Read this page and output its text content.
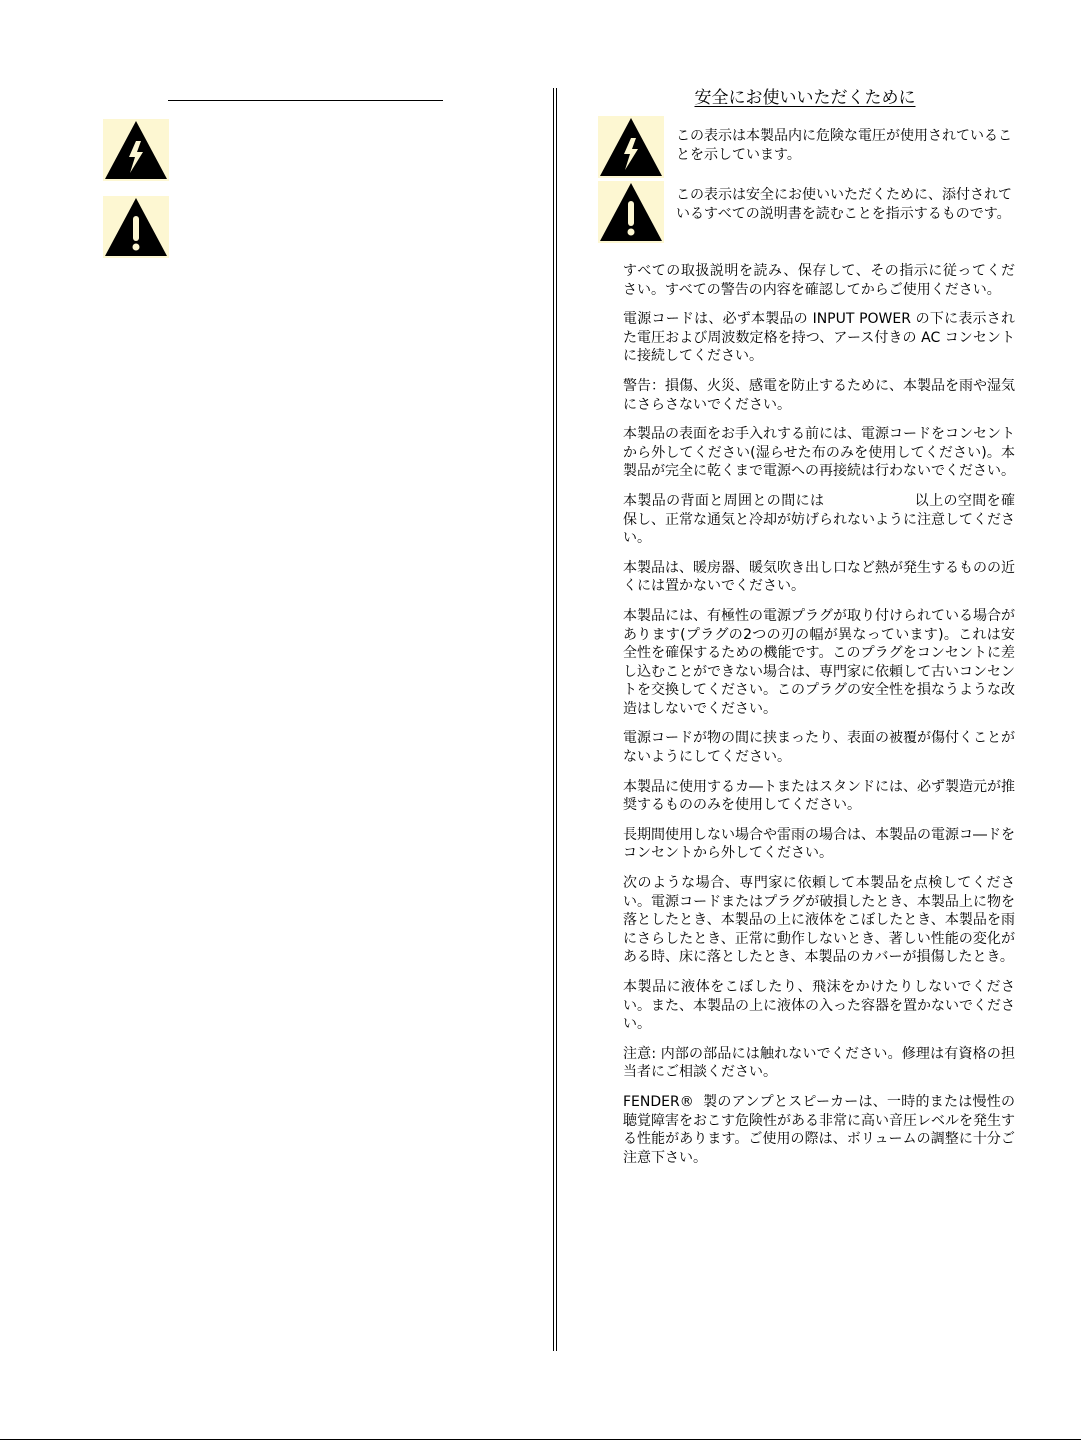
安全にお使いいただくために
この表示は本製品内に危険な電圧が使用されていることを示しています。
この表示は安全にお使いいただくために、添付されているすべての説明書を読むことを指示するものです。

すべての取扱説明を読み、保存して、その指示に従ってください。すべての警告の内容を確認してからご使用ください。

電源コードは、必ず本製品の INPUT POWER の下に表示された電圧および周波数定格を持つ、アース付きの AC コンセントに接続してください。

警告：損傷、火災、感電を防止するために、本製品を雨や湿気にさらさないでください。

本製品の表面をお手入れする前には、電源コードをコンセントから外してください(湿らせた布のみを使用してください)。本製品が完全に乾くまで電源への再接続は行わないでください。

本製品の背面と周囲との間には	以上の空間を確保し、正常な通気と冷却が妨げられないように注意してください。

本製品は、暖房器、暖気吹き出し口など熱が発生するものの近くには置かないでください。

本製品には、有極性の電源プラグが取り付けられている場合があります(プラグの2つの刃の幅が異なっています)。これは安全性を確保するための機能です。このプラグをコンセントに差し込むことができない場合は、専門家に依頼して古いコンセントを交換してください。このプラグの安全性を損なうような改造はしないでください。

電源コードが物の間に挟まったり、表面の被覆が傷付くことがないようにしてください。

本製品に使用するカ―トまたはスタンドには、必ず製造元が推奨するもののみを使用してください。

長期間使用しない場合や雷雨の場合は、本製品の電源コ―ドをコンセントから外してください。

次のような場合、専門家に依頼して本製品を点検してください。電源コードまたはプラグが破損したとき、本製品上に物を落としたとき、本製品の上に液体をこぼしたとき、本製品を雨にさらしたとき、正常に動作しないとき、著しい性能の変化がある時、床に落としたとき、本製品のカバーが損傷したとき。

本製品に液体をこぼしたり、飛沫をかけたりしないでください。また、本製品の上に液体の入った容器を置かないでください。

注意: 内部の部品には触れないでください。修理は有資格の担当者にご相談ください。

FENDER® 製のアンプとスピーカーは、一時的または慢性の聴覚障害をおこす危険性がある非常に高い音圧レベルを発生する性能があります。ご使用の際は、ボリュームの調整に十分ご注意下さい。
